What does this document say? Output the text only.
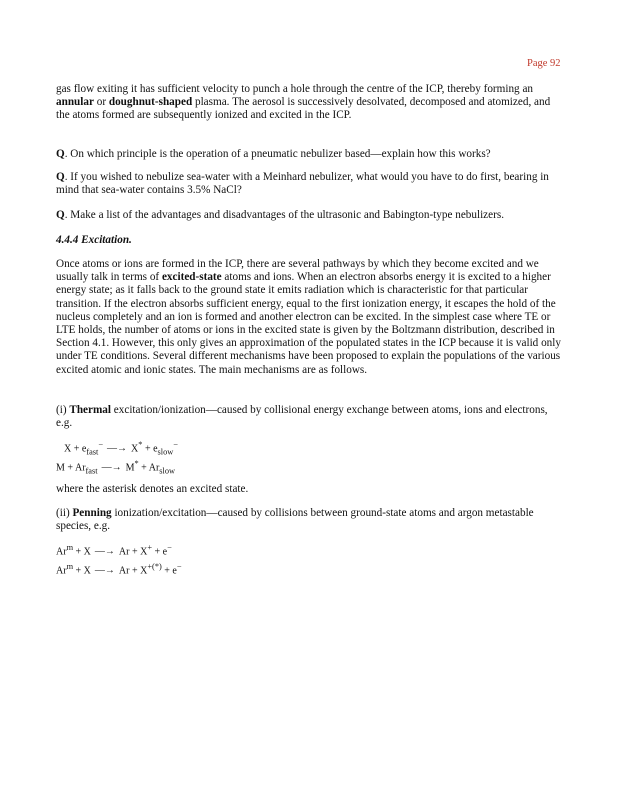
Page 92

gas flow exiting it has sufficient velocity to punch a hole through the centre of the ICP, thereby forming an annular or doughnut-shaped plasma. The aerosol is successively desolvated, decomposed and atomized, and the atoms formed are subsequently ionized and excited in the ICP.

Q. On which principle is the operation of a pneumatic nebulizer based—explain how this works?

Q. If you wished to nebulize sea-water with a Meinhard nebulizer, what would you have to do first, bearing in mind that sea-water contains 3.5% NaCl?

Q. Make a list of the advantages and disadvantages of the ultrasonic and Babington-type nebulizers.

4.4.4 Excitation.

Once atoms or ions are formed in the ICP, there are several pathways by which they become excited and we usually talk in terms of excited-state atoms and ions. When an electron absorbs energy it is excited to a higher energy state; as it falls back to the ground state it emits radiation which is characteristic for that particular transition. If the electron absorbs sufficient energy, equal to the first ionization energy, it escapes the hold of the nucleus completely and an ion is formed and another electron can be excited. In the simplest case where TE or LTE holds, the number of atoms or ions in the excited state is given by the Boltzmann distribution, described in Section 4.1. However, this only gives an approximation of the populated states in the ICP because it is valid only under TE conditions. Several different mechanisms have been proposed to explain the populations of the various excited atomic and ionic states. The main mechanisms are as follows.

(i) Thermal excitation/ionization—caused by collisional energy exchange between atoms, ions and electrons, e.g.

$X + e_{fast}^-$ —→ $X^* + e_{slow}^-$
$M + Ar_{fast}$ —→ $M^* + Ar_{slow}$

where the asterisk denotes an excited state.

(ii) Penning ionization/excitation—caused by collisions between ground-state atoms and argon metastable species, e.g.

$Ar^m + X$ —→ Ar + X+ + e−
$Ar^m + X$ —→ Ar + X+(*) + e−
